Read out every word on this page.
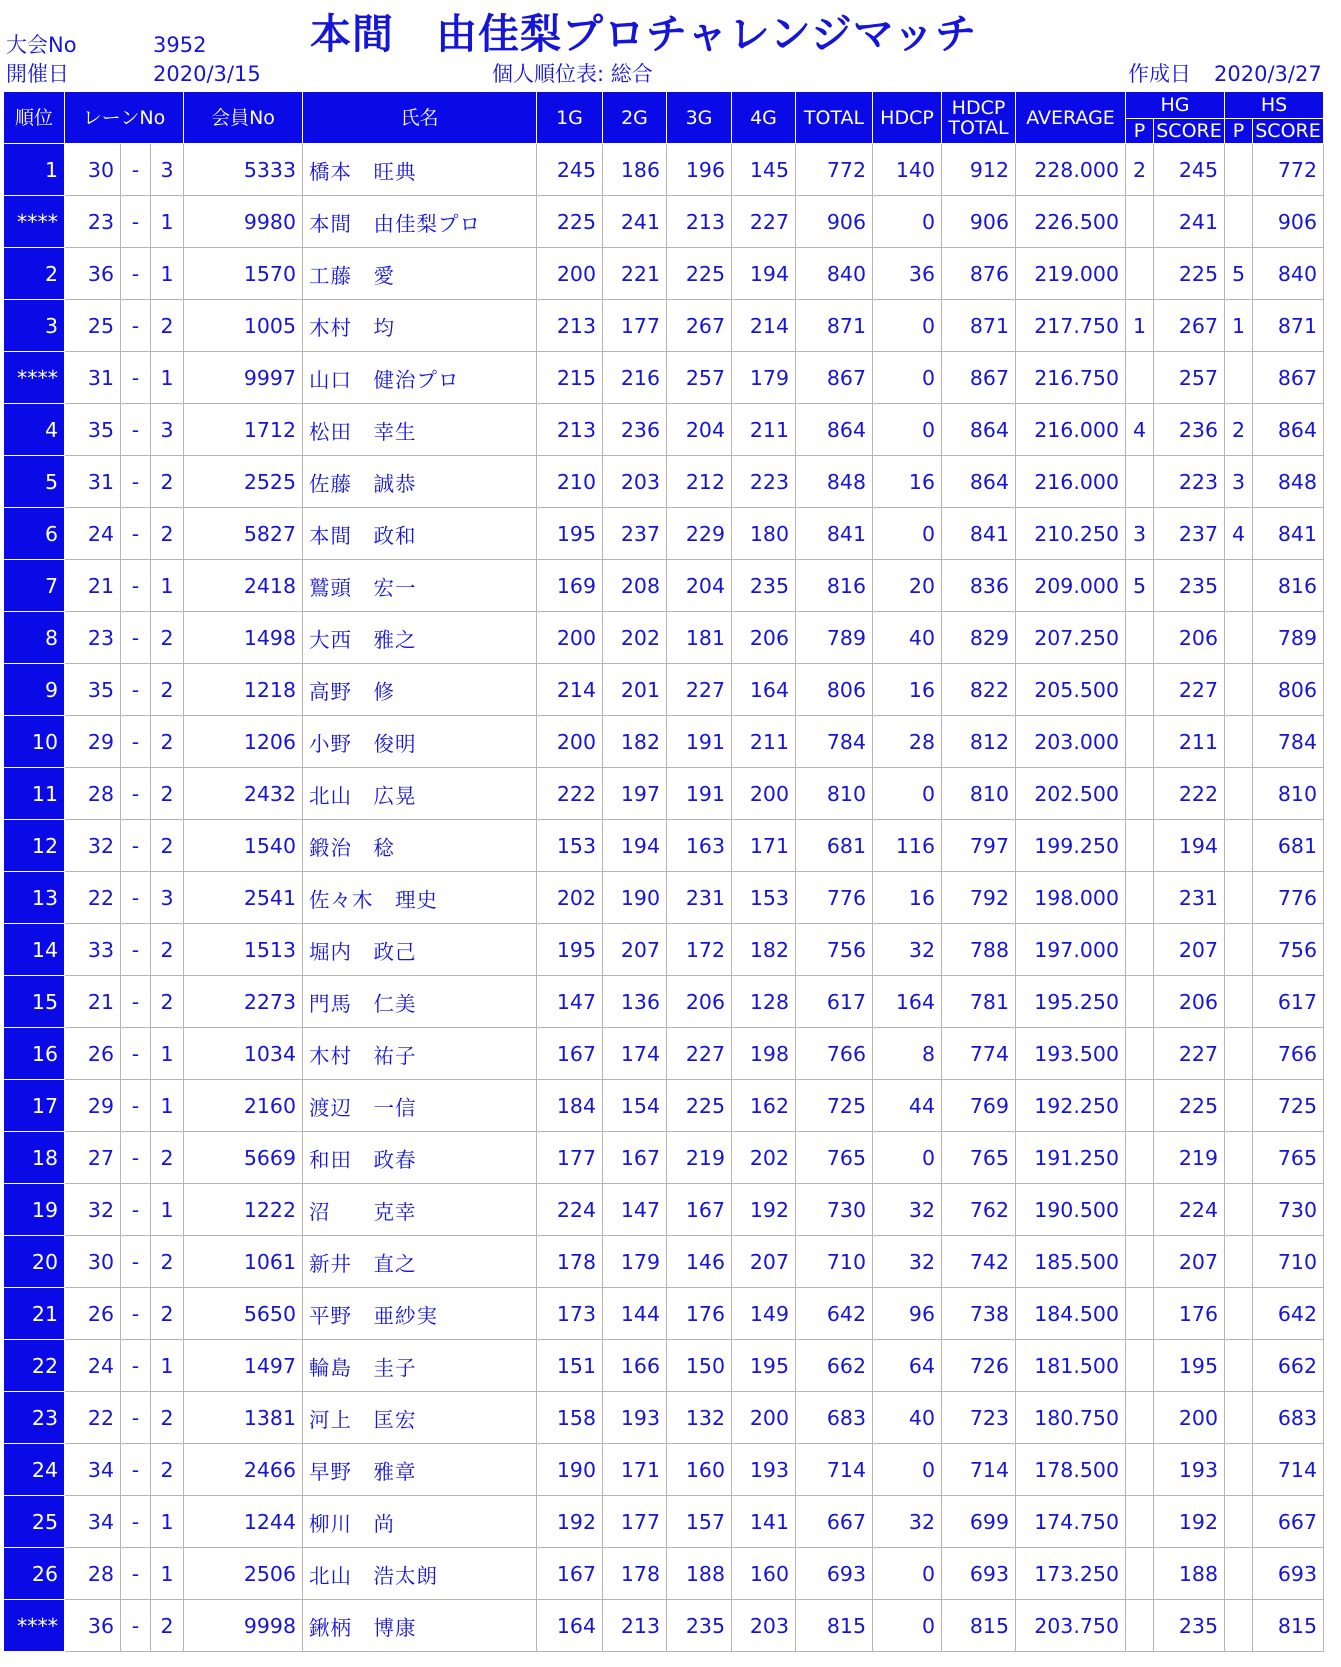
大会No	3952
開催日	2020/3/15
本間　由佳梨プロチャレンジマッチ
個人順位表: 総合	作成日 2020/3/27
順位	レーンNo			会員No	氏名	1G	2G	3G	4G	TOTAL	HDCP	HDCP
TOTAL	AVERAGE	HG		HS	
														P	SCORE	P	SCORE
1	30	-	3	5333	橋本　旺典	245	186	196	145	772	140	912	228.000	2	245		772
****	23	-	1	9980	本間　由佳梨プロ	225	241	213	227	906	0	906	226.500		241		906
2	36	-	1	1570	工藤　愛	200	221	225	194	840	36	876	219.000		225	5	840
3	25	-	2	1005	木村　均	213	177	267	214	871	0	871	217.750	1	267	1	871
****	31	-	1	9997	山口　健治プロ	215	216	257	179	867	0	867	216.750		257		867
4	35	-	3	1712	松田　幸生	213	236	204	211	864	0	864	216.000	4	236	2	864
5	31	-	2	2525	佐藤　誠恭	210	203	212	223	848	16	864	216.000		223	3	848
6	24	-	2	5827	本間　政和	195	237	229	180	841	0	841	210.250	3	237	4	841
7	21	-	1	2418	鷲頭　宏一	169	208	204	235	816	20	836	209.000	5	235		816
8	23	-	2	1498	大西　雅之	200	202	181	206	789	40	829	207.250		206		789
9	35	-	2	1218	高野　修	214	201	227	164	806	16	822	205.500		227		806
10	29	-	2	1206	小野　俊明	200	182	191	211	784	28	812	203.000		211		784
11	28	-	2	2432	北山　広晃	222	197	191	200	810	0	810	202.500		222		810
12	32	-	2	1540	鍛治　稔	153	194	163	171	681	116	797	199.250		194		681
13	22	-	3	2541	佐々木　理史	202	190	231	153	776	16	792	198.000		231		776
14	33	-	2	1513	堀内　政己	195	207	172	182	756	32	788	197.000		207		756
15	21	-	2	2273	門馬　仁美	147	136	206	128	617	164	781	195.250		206		617
16	26	-	1	1034	木村　祐子	167	174	227	198	766	8	774	193.500		227		766
17	29	-	1	2160	渡辺　一信	184	154	225	162	725	44	769	192.250		225		725
18	27	-	2	5669	和田　政春	177	167	219	202	765	0	765	191.250		219		765
19	32	-	1	1222	沼　　克幸	224	147	167	192	730	32	762	190.500		224		730
20	30	-	2	1061	新井　直之	178	179	146	207	710	32	742	185.500		207		710
21	26	-	2	5650	平野　亜紗実	173	144	176	149	642	96	738	184.500		176		642
22	24	-	1	1497	輪島　圭子	151	166	150	195	662	64	726	181.500		195		662
23	22	-	2	1381	河上　匡宏	158	193	132	200	683	40	723	180.750		200		683
24	34	-	2	2466	早野　雅章	190	171	160	193	714	0	714	178.500		193		714
25	34	-	1	1244	柳川　尚	192	177	157	141	667	32	699	174.750		192		667
26	28	-	1	2506	北山　浩太朗	167	178	188	160	693	0	693	173.250		188		693
****	36	-	2	9998	鍬柄　博康	164	213	235	203	815	0	815	203.750		235		815
